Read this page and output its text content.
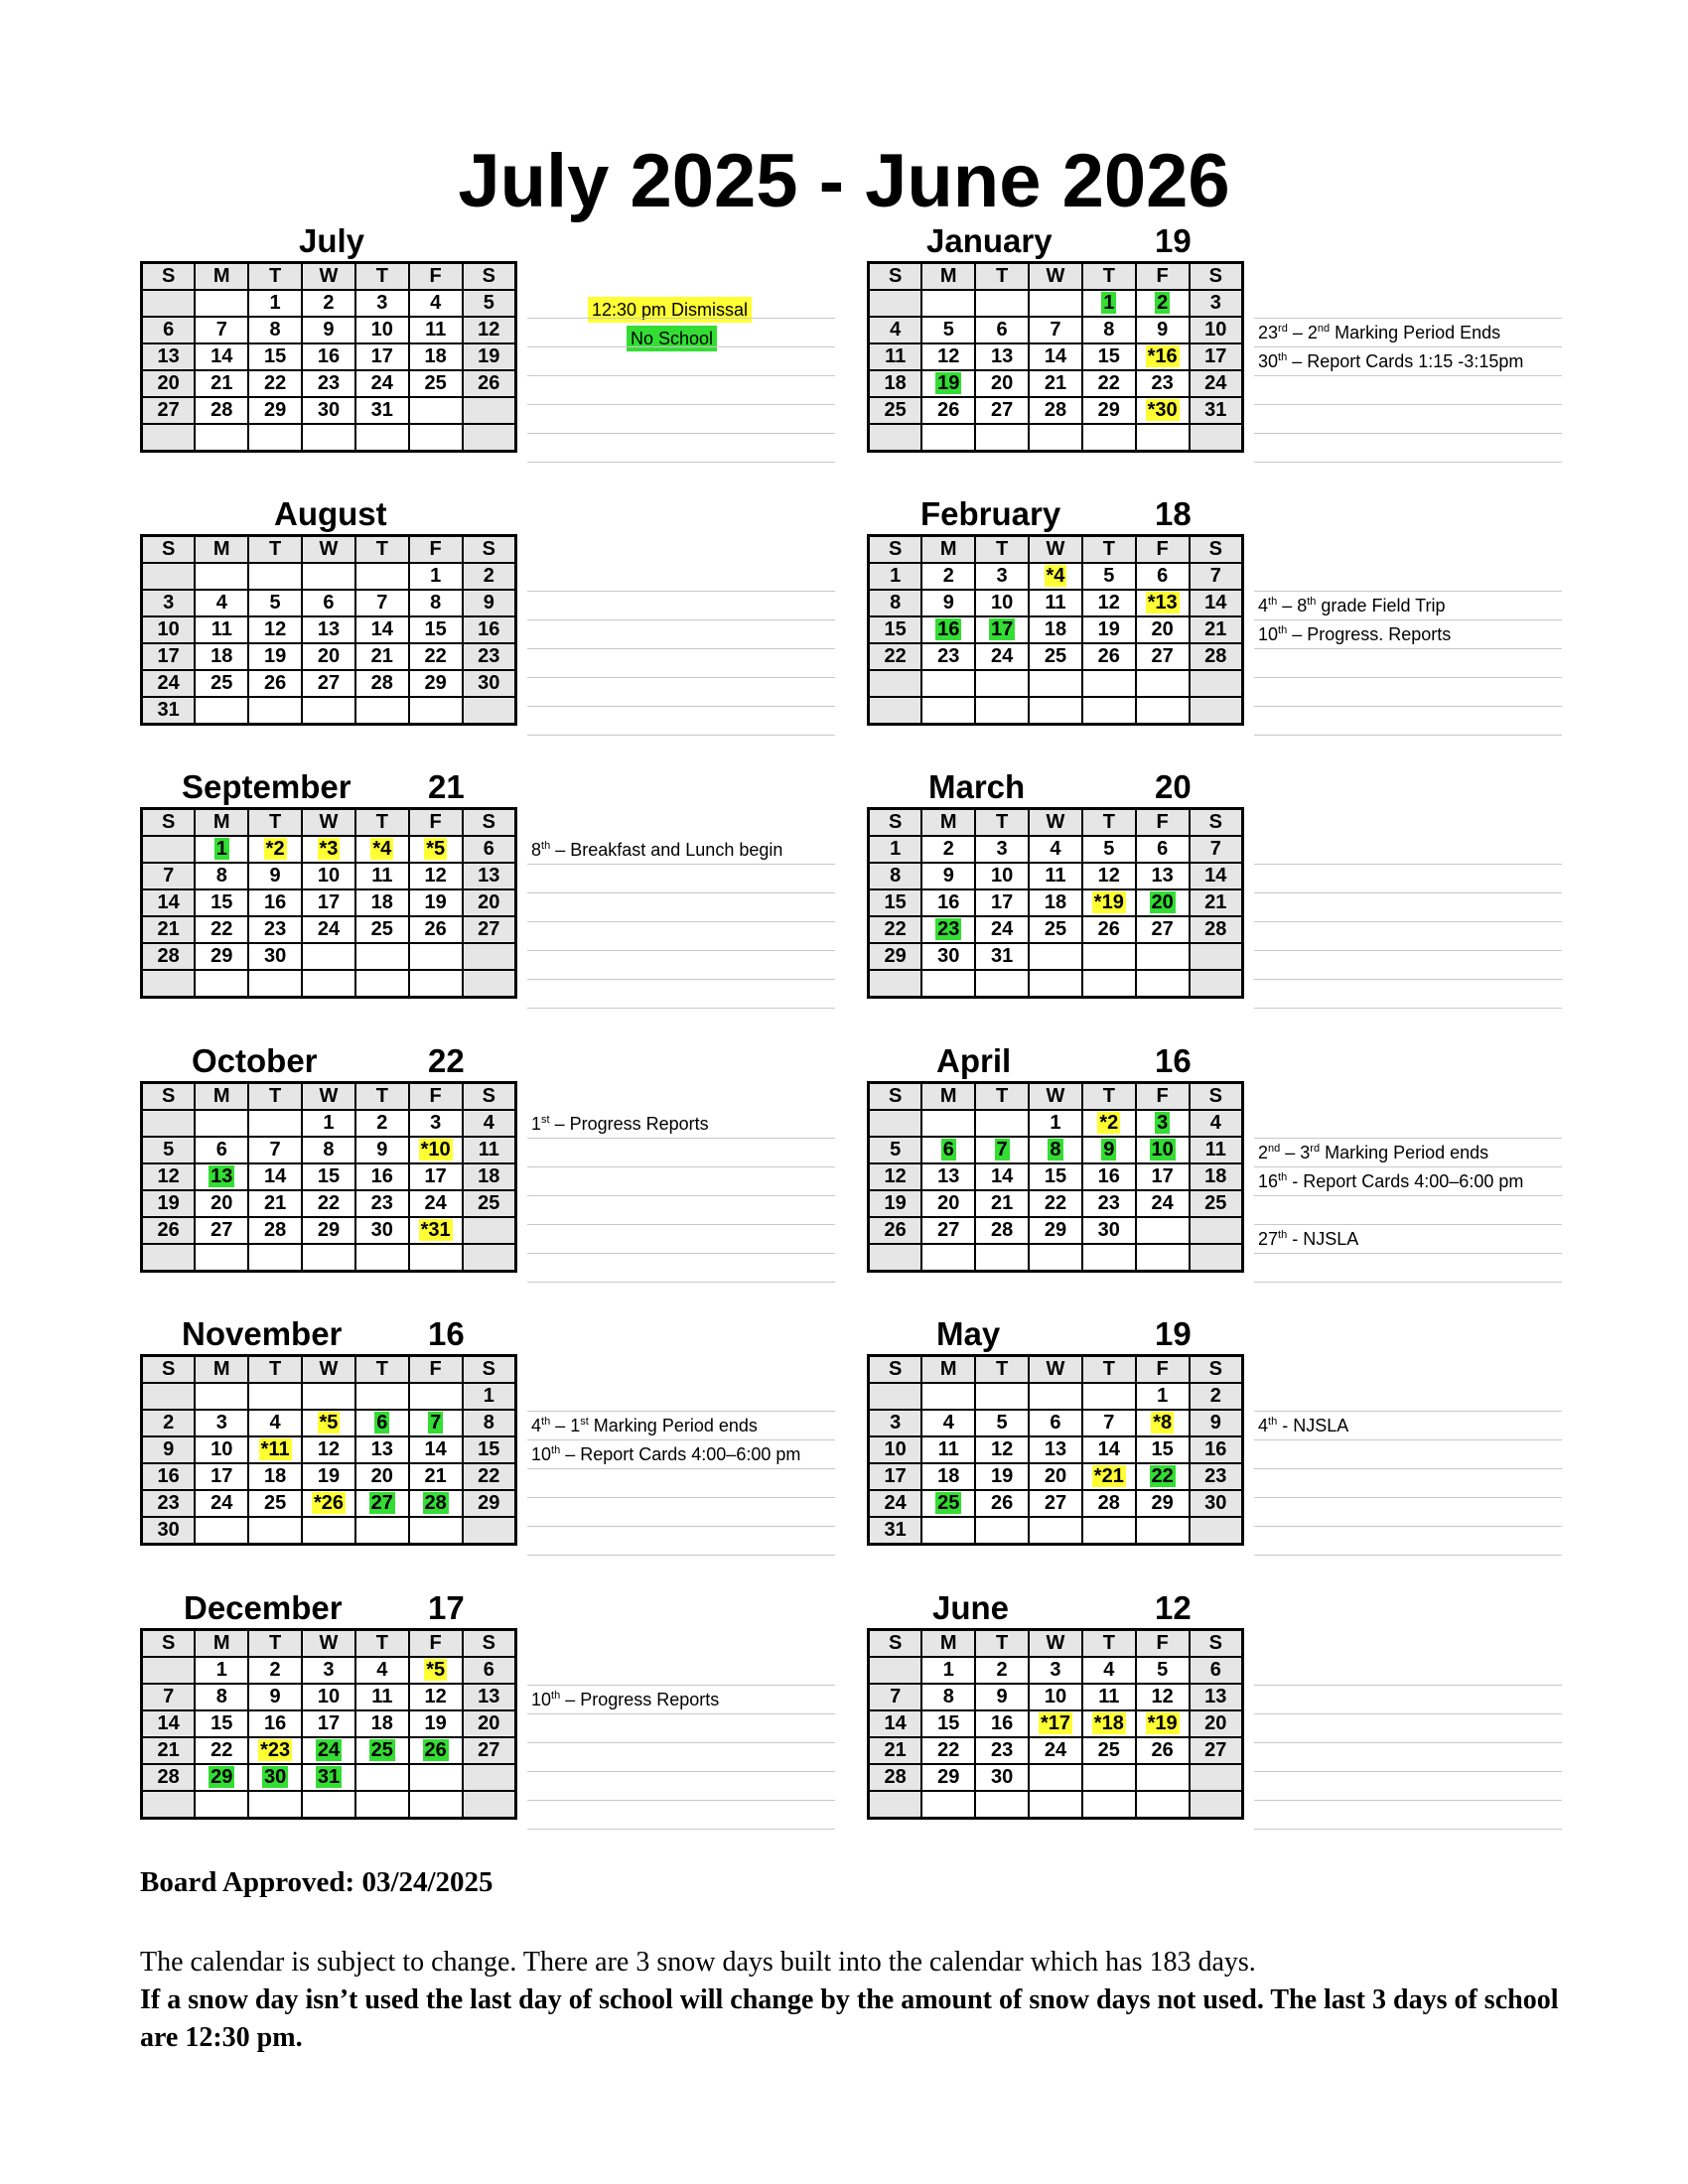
July 2025 - June 2026
12:30 pm Dismissal
No School
July
S	M	T	W	T	F	S
		1	2	3	4	5
6	7	8	9	10	11	12
13	14	15	16	17	18	19
20	21	22	23	24	25	26
27	28	29	30	31		

August
S	M	T	W	T	F	S
					1	2
3	4	5	6	7	8	9
10	11	12	13	14	15	16
17	18	19	20	21	22	23
24	25	26	27	28	29	30
31						
September 21
S	M	T	W	T	F	S
	1	*2	*3	*4	*5	6
7	8	9	10	11	12	13
14	15	16	17	18	19	20
21	22	23	24	25	26	27
28	29	30				

8th – Breakfast and Lunch begin
October	22
S	M	T	W	T	F	S
			1	2	3	4
5	6	7	8	9	*10	11
12	13	14	15	16	17	18
19	20	21	22	23	24	25
26	27	28	29	30	*31	

1st – Progress Reports
November	16
S	M	T	W	T	F	S
						1
2	3	4	*5	6	7	8
9	10	*11	12	13	14	15
16	17	18	19	20	21	22
23	24	25	*26	27	28	29
30						
4th – 1st Marking Period ends
10th – Report Cards 4:00–6:00 pm
December	17
S	M	T	W	T	F	S
	1	2	3	4	*5	6
7	8	9	10	11	12	13
14	15	16	17	18	19	20
21	22	*23	24	25	26	27
28	29	30	31			

10th – Progress Reports
January	19
S	M	T	W	T	F	S
				1	2	3
4	5	6	7	8	9	10
11	12	13	14	15	*16	17
18	19	20	21	22	23	24
25	26	27	28	29	*30	31

23rd – 2nd Marking Period Ends
30th – Report Cards 1:15 -3:15pm
February	18
S	M	T	W	T	F	S
1	2	3	*4	5	6	7
8	9	10	11	12	*13	14
15	16	17	18	19	20	21
22	23	24	25	26	27	28

4th – 8th grade Field Trip
10th – Progress. Reports
March	20
S	M	T	W	T	F	S
1	2	3	4	5	6	7
8	9	10	11	12	13	14
15	16	17	18	*19	20	21
22	23	24	25	26	27	28
29	30	31				

April	16
S	M	T	W	T	F	S
			1	*2	3	4
5	6	7	8	9	10	11
12	13	14	15	16	17	18
19	20	21	22	23	24	25
26	27	28	29	30		

2nd – 3rd Marking Period ends
16th - Report Cards 4:00–6:00 pm
27th - NJSLA
May	19
S	M	T	W	T	F	S
					1	2
3	4	5	6	7	*8	9
10	11	12	13	14	15	16
17	18	19	20	*21	22	23
24	25	26	27	28	29	30
31						
4th - NJSLA
June	12
S	M	T	W	T	F	S
	1	2	3	4	5	6
7	8	9	10	11	12	13
14	15	16	*17	*18	*19	20
21	22	23	24	25	26	27
28	29	30				

Board Approved: 03/24/2025
The calendar is subject to change. There are 3 snow days built into the calendar which has 183 days.
If a snow day isn’t used the last day of school will change by the amount of snow days not used. The last 3 days of school are 12:30 pm.
